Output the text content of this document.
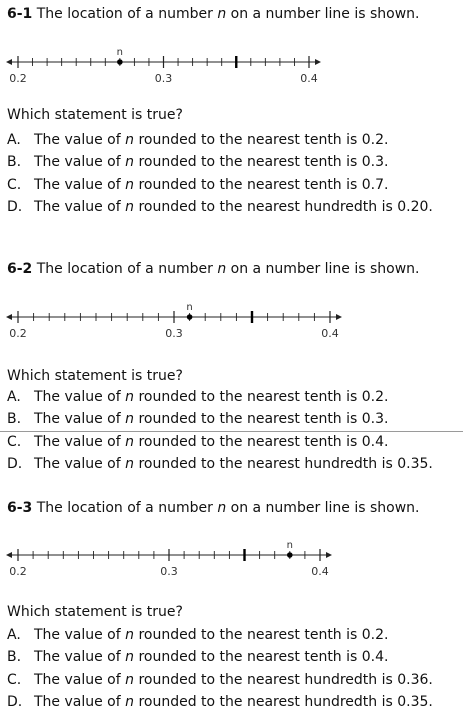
6-1 The location of a number n on a number line is shown.
0.2	0.3	0.4
n
Which statement is true?
A. The value of n rounded to the nearest tenth is 0.2.
B. The value of n rounded to the nearest tenth is 0.3.
C. The value of n rounded to the nearest tenth is 0.7.
D. The value of n rounded to the nearest hundredth is 0.20.
6-2 The location of a number n on a number line is shown.
0.2	0.3	0.4
n
Which statement is true?
A. The value of n rounded to the nearest tenth is 0.2.
B. The value of n rounded to the nearest tenth is 0.3.
C. The value of n rounded to the nearest tenth is 0.4.
D. The value of n rounded to the nearest hundredth is 0.35.
6-3 The location of a number n on a number line is shown.
0.2	0.3	0.4
n
Which statement is true?
A. The value of n rounded to the nearest tenth is 0.2.
B. The value of n rounded to the nearest tenth is 0.4.
C. The value of n rounded to the nearest hundredth is 0.36.
D. The value of n rounded to the nearest hundredth is 0.35.
